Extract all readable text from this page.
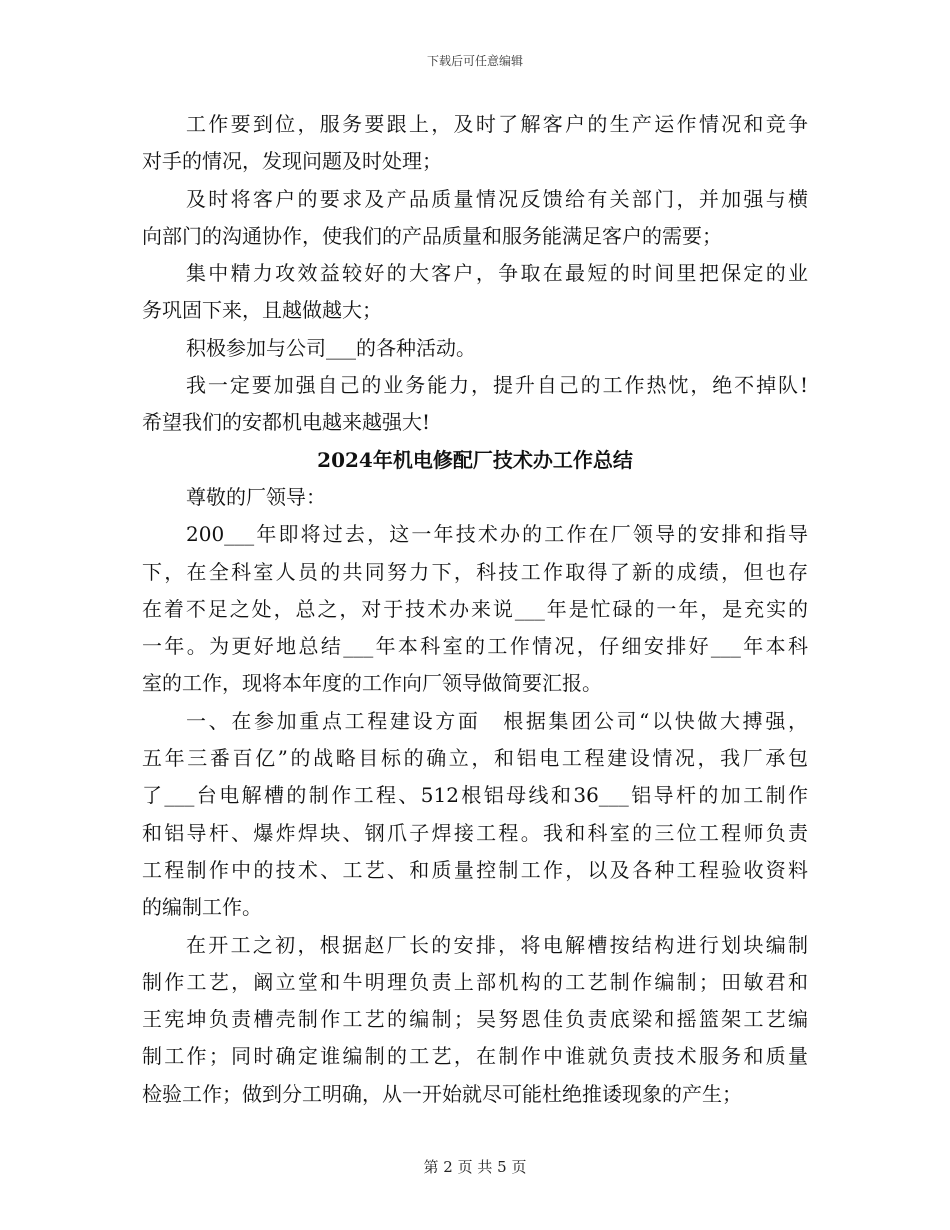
下载后可任意编辑
工作要到位，服务要跟上，及时了解客户的生产运作情况和竞争
对手的情况，发现问题及时处理；
及时将客户的要求及产品质量情况反馈给有关部门，并加强与横
向部门的沟通协作，使我们的产品质量和服务能满足客户的需要；
集中精力攻效益较好的大客户，争取在最短的时间里把保定的业
务巩固下来，且越做越大；
积极参加与公司___的各种活动。
我一定要加强自己的业务能力，提升自己的工作热忱，绝不掉队!
希望我们的安都机电越来越强大!
2024年机电修配厂技术办工作总结
尊敬的厂领导：
200___年即将过去，这一年技术办的工作在厂领导的安排和指导
下，在全科室人员的共同努力下，科技工作取得了新的成绩，但也存
在着不足之处，总之，对于技术办来说___年是忙碌的一年，是充实的
一年。为更好地总结___年本科室的工作情况，仔细安排好___年本科
室的工作，现将本年度的工作向厂领导做简要汇报。
一、在参加重点工程建设方面　根据集团公司“以快做大搏强，
五年三番百亿”的战略目标的确立，和铝电工程建设情况，我厂承包
了___台电解槽的制作工程、512根铝母线和36___铝导杆的加工制作
和铝导杆、爆炸焊块、钢爪子焊接工程。我和科室的三位工程师负责
工程制作中的技术、工艺、和质量控制工作，以及各种工程验收资料
的编制工作。
在开工之初，根据赵厂长的安排，将电解槽按结构进行划块编制
制作工艺，阚立堂和牛明理负责上部机构的工艺制作编制；田敏君和
王宪坤负责槽壳制作工艺的编制；吴努恩佳负责底梁和摇篮架工艺编
制工作；同时确定谁编制的工艺，在制作中谁就负责技术服务和质量
检验工作；做到分工明确，从一开始就尽可能杜绝推诿现象的产生；
第 2 页 共 5 页
